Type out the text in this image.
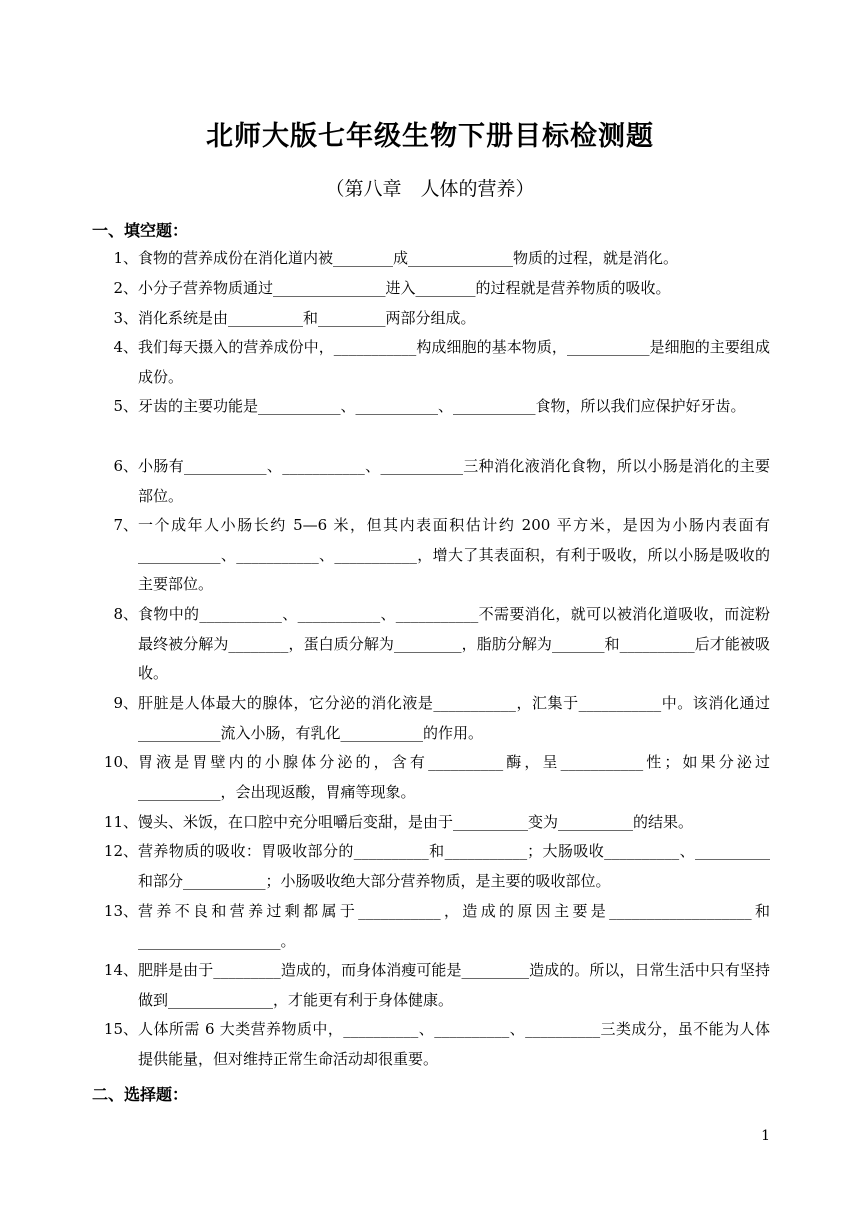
北师大版七年级生物下册目标检测题
（第八章　人体的营养）
一、填空题：
1、 食物的营养成份在消化道内被________成______________物质的过程，就是消化。
2、 小分子营养物质通过_______________进入________的过程就是营养物质的吸收。
3、 消化系统是由__________和_________两部分组成。
4、 我们每天摄入的营养成份中，___________构成细胞的基本物质，___________是细胞的主要组成成份。
5、 牙齿的主要功能是___________、___________、___________食物，所以我们应保护好牙齿。
6、 小肠有___________、___________、___________三种消化液消化食物，所以小肠是消化的主要部位。
7、 一个成年人小肠长约 5—6 米，但其内表面积估计约 200 平方米，是因为小肠内表面有___________、___________、___________，增大了其表面积，有利于吸收，所以小肠是吸收的主要部位。
8、 食物中的___________、___________、___________不需要消化，就可以被消化道吸收，而淀粉最终被分解为________，蛋白质分解为_________，脂肪分解为_______和__________后才能被吸收。
9、 肝脏是人体最大的腺体，它分泌的消化液是___________，汇集于___________中。该消化通过___________流入小肠，有乳化___________的作用。
10、 胃液是胃壁内的小腺体分泌的，含有__________酶，呈___________性；如果分泌过___________，会出现返酸，胃痛等现象。
11、 馒头、米饭，在口腔中充分咀嚼后变甜，是由于__________变为__________的结果。
12、 营养物质的吸收：胃吸收部分的__________和___________；大肠吸收__________、__________和部分___________；小肠吸收绝大部分营养物质，是主要的吸收部位。
13、 营养不良和营养过剩都属于___________，造成的原因主要是___________________和___________________。
14、 肥胖是由于_________造成的，而身体消瘦可能是_________造成的。所以，日常生活中只有坚持做到______________，才能更有利于身体健康。
15、 人体所需 6 大类营养物质中，__________、__________、__________三类成分，虽不能为人体提供能量，但对维持正常生命活动却很重要。
二、选择题：
1
